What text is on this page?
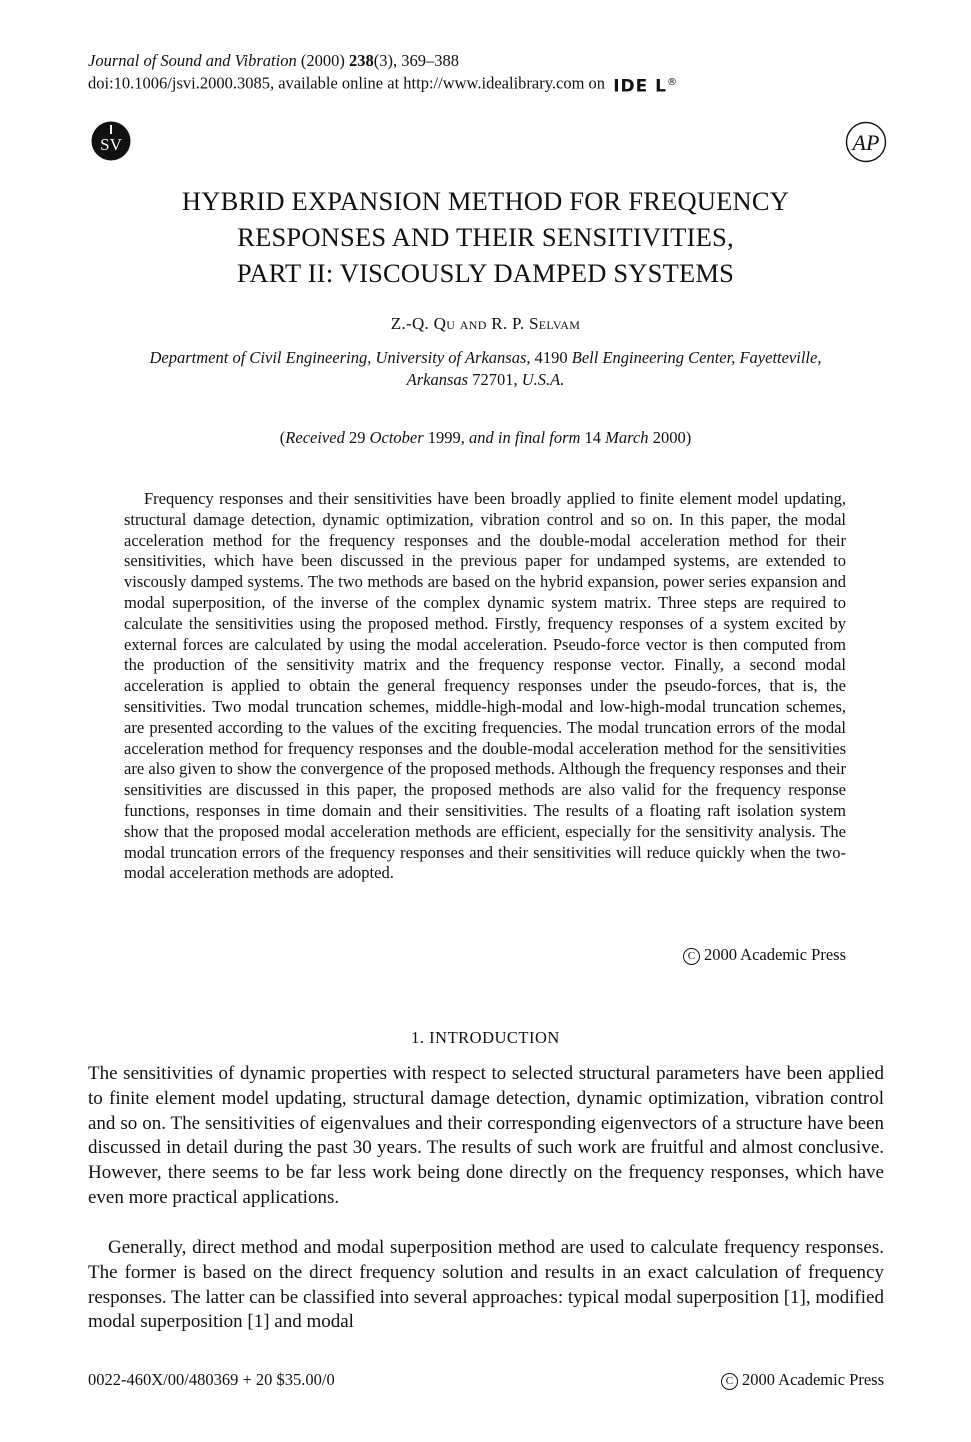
Journal of Sound and Vibration (2000) 238(3), 369–388
doi:10.1006/jsvi.2000.3085, available online at http://www.idealibrary.com on IDE L®
SV	AP
HYBRID EXPANSION METHOD FOR FREQUENCY
RESPONSES AND THEIR SENSITIVITIES,
PART II: VISCOUSLY DAMPED SYSTEMS
Z.-Q. Qu and R. P. Selvam
Department of Civil Engineering, University of Arkansas, 4190 Bell Engineering Center, Fayetteville,
Arkansas 72701, U.S.A.
(Received 29 October 1999, and in final form 14 March 2000)
Frequency responses and their sensitivities have been broadly applied to finite element model updating, structural damage detection, dynamic optimization, vibration control and so on. In this paper, the modal acceleration method for the frequency responses and the double-modal acceleration method for their sensitivities, which have been discussed in the previous paper for undamped systems, are extended to viscously damped systems. The two methods are based on the hybrid expansion, power series expansion and modal superposition, of the inverse of the complex dynamic system matrix. Three steps are required to calculate the sensitivities using the proposed method. Firstly, frequency responses of a system excited by external forces are calculated by using the modal acceleration. Pseudo-force vector is then computed from the production of the sensitivity matrix and the frequency response vector. Finally, a second modal acceleration is applied to obtain the general frequency responses under the pseudo-forces, that is, the sensitivities. Two modal truncation schemes, middle-high-modal and low-high-modal truncation schemes, are presented according to the values of the exciting frequencies. The modal truncation errors of the modal acceleration method for frequency responses and the double-modal acceleration method for the sensitivities are also given to show the convergence of the proposed methods. Although the frequency responses and their sensitivities are discussed in this paper, the proposed methods are also valid for the frequency response functions, responses in time domain and their sensitivities. The results of a floating raft isolation system show that the proposed modal acceleration methods are efficient, especially for the sensitivity analysis. The modal truncation errors of the frequency responses and their sensitivities will reduce quickly when the two-modal acceleration methods are adopted.
C 2000 Academic Press
1. INTRODUCTION
The sensitivities of dynamic properties with respect to selected structural parameters have been applied to finite element model updating, structural damage detection, dynamic optimization, vibration control and so on. The sensitivities of eigenvalues and their corresponding eigenvectors of a structure have been discussed in detail during the past 30 years. The results of such work are fruitful and almost conclusive. However, there seems to be far less work being done directly on the frequency responses, which have even more practical applications.
Generally, direct method and modal superposition method are used to calculate frequency responses. The former is based on the direct frequency solution and results in an exact calculation of frequency responses. The latter can be classified into several approaches: typical modal superposition [1], modified modal superposition [1] and modal
0022-460X/00/480369 + 20 $35.00/0	C 2000 Academic Press
